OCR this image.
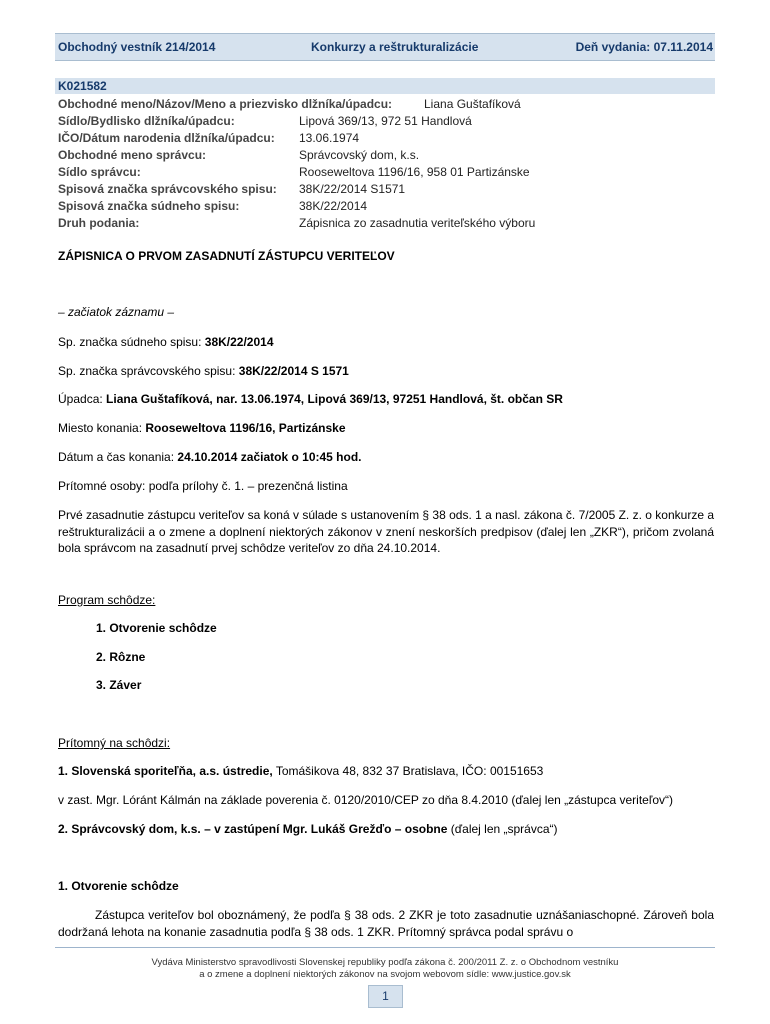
Obchodný vestník 214/2014	Konkurzy a reštrukturalizácie	Deň vydania: 07.11.2014
K021582
Obchodné meno/Názov/Meno a priezvisko dlžníka/úpadcu:	Liana Guštafíková
Sídlo/Bydlisko dlžníka/úpadcu:	Lipová 369/13, 972 51 Handlová
IČO/Dátum narodenia dlžníka/úpadcu: 13.06.1974
Obchodné meno správcu:	Správcovský dom, k.s.
Sídlo správcu:	Rooseweltova 1196/16, 958 01 Partizánske
Spisová značka správcovského spisu: 38K/22/2014 S1571
Spisová značka súdneho spisu:	38K/22/2014
Druh podania:	Zápisnica zo zasadnutia veriteľského výboru
ZÁPISNICA O PRVOM ZASADNUTÍ ZÁSTUPCU VERITEĽOV
– začiatok záznamu –
Sp. značka súdneho spisu: 38K/22/2014
Sp. značka správcovského spisu: 38K/22/2014 S 1571
Úpadca: Liana Guštafíková, nar. 13.06.1974, Lipová 369/13, 97251 Handlová, št. občan SR
Miesto konania: Rooseweltova 1196/16, Partizánske
Dátum a čas konania: 24.10.2014 začiatok o 10:45 hod.
Prítomné osoby: podľa prílohy č. 1. – prezenčná listina
Prvé zasadnutie zástupcu veriteľov sa koná v súlade s ustanovením § 38 ods. 1 a nasl. zákona č. 7/2005 Z. z. o konkurze a reštrukturalizácii a o zmene a doplnení niektorých zákonov v znení neskorších predpisov (ďalej len „ZKR“), pričom zvolaná bola správcom na zasadnutí prvej schôdze veriteľov zo dňa 24.10.2014.
Program schôdze:
1. Otvorenie schôdze
2. Rôzne
3. Záver
Prítomný na schôdzi:
1. Slovenská sporiteľňa, a.s. ústredie, Tomášikova 48, 832 37 Bratislava, IČO: 00151653
v zast. Mgr. Lóránt Kálmán na základe poverenia č. 0120/2010/CEP zo dňa 8.4.2010 (ďalej len „zástupca veriteľov“)
2. Správcovský dom, k.s. – v zastúpení Mgr. Lukáš Grežďo – osobne (ďalej len „správca“)
1. Otvorenie schôdze
Zástupca veriteľov bol oboznámený, že podľa § 38 ods. 2 ZKR je toto zasadnutie uznášaniaschopné. Zároveň bola dodržaná lehota na konanie zasadnutia podľa § 38 ods. 1 ZKR. Prítomný správca podal správu o
Vydáva Ministerstvo spravodlivosti Slovenskej republiky podľa zákona č. 200/2011 Z. z. o Obchodnom vestníku
a o zmene a doplnení niektorých zákonov na svojom webovom sídle: www.justice.gov.sk
1
